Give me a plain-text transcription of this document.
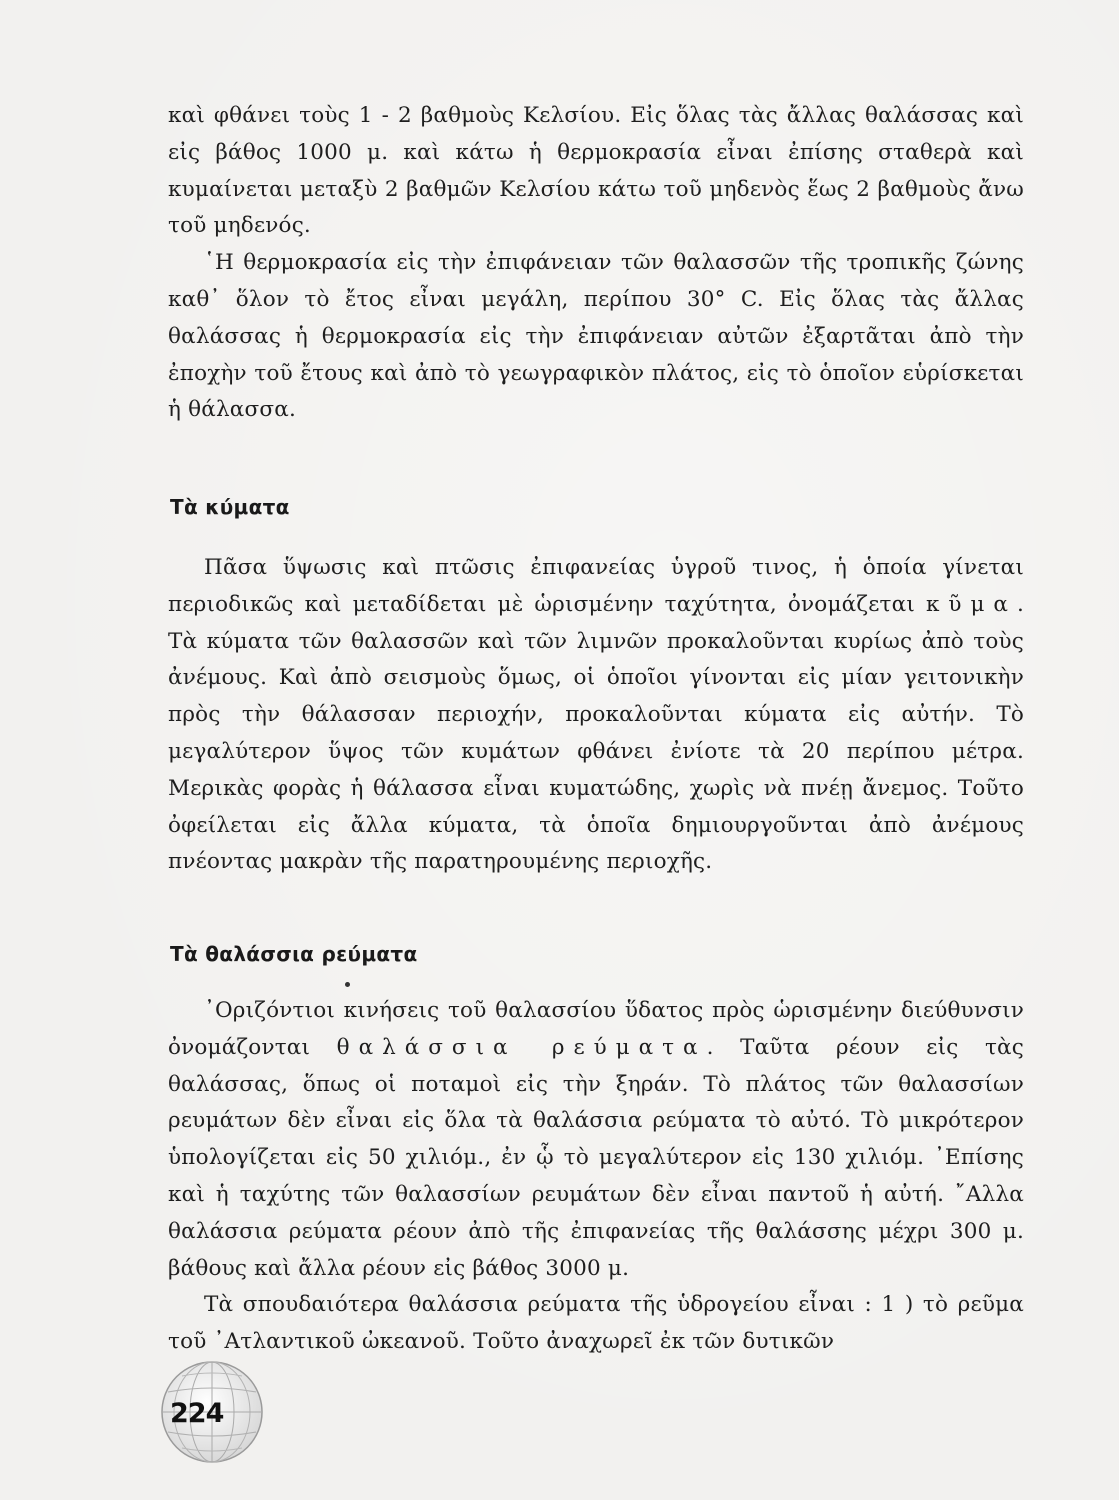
καὶ φθάνει τοὺς 1 - 2 βαθμοὺς Κελσίου. Εἰς ὅλας τὰς ἄλλας θαλάσσας καὶ εἰς βάθος 1000 μ. καὶ κάτω ἡ θερμοκρασία εἶναι ἐπίσης σταθερὰ καὶ κυμαίνεται μεταξὺ 2 βαθμῶν Κελσίου κάτω τοῦ μηδενὸς ἕως 2 βαθμοὺς ἄνω τοῦ μηδενός.

῾Η θερμοκρασία εἰς τὴν ἐπιφάνειαν τῶν θαλασσῶν τῆς τροπικῆς ζώνης καθ᾽ ὅλον τὸ ἔτος εἶναι μεγάλη, περίπου 30° C. Εἰς ὅλας τὰς ἄλλας θαλάσσας ἡ θερμοκρασία εἰς τὴν ἐπιφάνειαν αὐτῶν ἐξαρτᾶται ἀπὸ τὴν ἐποχὴν τοῦ ἔτους καὶ ἀπὸ τὸ γεωγραφικὸν πλάτος, εἰς τὸ ὁποῖον εὑρίσκεται ἡ θάλασσα.

Τὰ κύματα

Πᾶσα ὕψωσις καὶ πτῶσις ἐπιφανείας ὑγροῦ τινος, ἡ ὁποία γίνεται περιοδικῶς καὶ μεταδίδεται μὲ ὡρισμένην ταχύτητα, ὀνομάζεται κῦμα. Τὰ κύματα τῶν θαλασσῶν καὶ τῶν λιμνῶν προκαλοῦνται κυρίως ἀπὸ τοὺς ἀνέμους. Καὶ ἀπὸ σεισμοὺς ὅμως, οἱ ὁποῖοι γίνονται εἰς μίαν γειτονικὴν πρὸς τὴν θάλασσαν περιοχήν, προκαλοῦνται κύματα εἰς αὐτήν. Τὸ μεγαλύτερον ὕψος τῶν κυμάτων φθάνει ἐνίοτε τὰ 20 περίπου μέτρα. Μερικὰς φορὰς ἡ θάλασσα εἶναι κυματώδης, χωρὶς νὰ πνέῃ ἄνεμος. Τοῦτο ὀφείλεται εἰς ἄλλα κύματα, τὰ ὁποῖα δημιουργοῦνται ἀπὸ ἀνέμους πνέοντας μακρὰν τῆς παρατηρουμένης περιοχῆς.

Τὰ θαλάσσια ρεύματα

᾽Οριζόντιοι κινήσεις τοῦ θαλασσίου ὕδατος πρὸς ὡρισμένην διεύθυνσιν ὀνομάζονται θαλάσσια ρεύματα. Ταῦτα ρέουν εἰς τὰς θαλάσσας, ὅπως οἱ ποταμοὶ εἰς τὴν ξηράν. Τὸ πλάτος τῶν θαλασσίων ρευμάτων δὲν εἶναι εἰς ὅλα τὰ θαλάσσια ρεύματα τὸ αὐτό. Τὸ μικρότερον ὑπολογίζεται εἰς 50 χιλιόμ., ἐν ᾧ τὸ μεγαλύτερον εἰς 130 χιλιόμ. ᾽Επίσης καὶ ἡ ταχύτης τῶν θαλασσίων ρευμάτων δὲν εἶναι παντοῦ ἡ αὐτή. ῎Αλλα θαλάσσια ρεύματα ρέουν ἀπὸ τῆς ἐπιφανείας τῆς θαλάσσης μέχρι 300 μ. βάθους καὶ ἄλλα ρέουν εἰς βάθος 3000 μ.

Τὰ σπουδαιότερα θαλάσσια ρεύματα τῆς ὑδρογείου εἶναι : 1 ) τὸ ρεῦμα τοῦ ᾽Ατλαντικοῦ ὠκεανοῦ. Τοῦτο ἀναχωρεῖ ἐκ τῶν δυτικῶν

224
